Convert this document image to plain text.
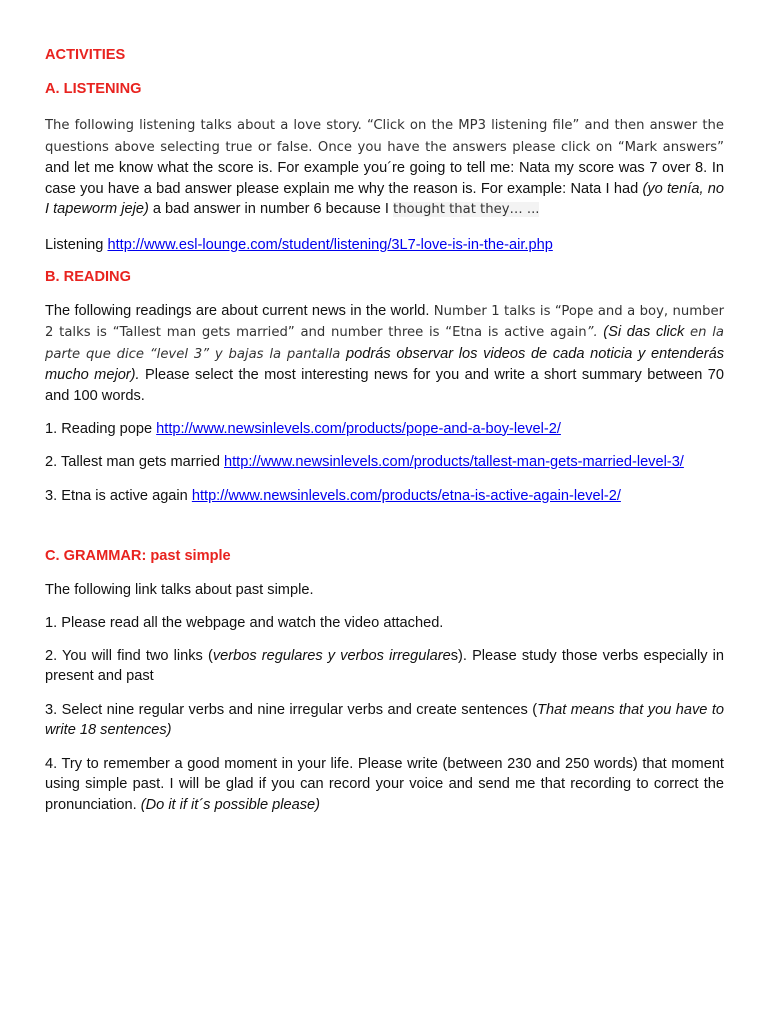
ACTIVITIES
A. LISTENING

The following listening talks about a love story. “Click on the MP3 listening file” and then answer the questions above selecting true or false. Once you have the answers please click on “Mark answers” and let me know what the score is. For example you´re going to tell me: Nata my score was 7 over 8. In case you have a bad answer please explain me why the reason is. For example: Nata I had (yo tenía, no I tapeworm jeje) a bad answer in number 6 because I thought that they… ...

Listening http://www.esl-lounge.com/student/listening/3L7-love-is-in-the-air.php

B. READING

The following readings are about current news in the world. Number 1 talks is “Pope and a boy, number 2 talks is “Tallest man gets married” and number three is “Etna is active again”. (Si das click en la parte que dice “level 3” y bajas la pantalla podrás observar los videos de cada noticia y entenderás mucho mejor). Please select the most interesting news for you and write a short summary between 70 and 100 words.

1. Reading pope http://www.newsinlevels.com/products/pope-and-a-boy-level-2/

2. Tallest man gets married http://www.newsinlevels.com/products/tallest-man-gets-married-level-3/

3. Etna is active again http://www.newsinlevels.com/products/etna-is-active-again-level-2/

C. GRAMMAR: past simple

The following link talks about past simple.

1. Please read all the webpage and watch the video attached.

2. You will find two links (verbos regulares y verbos irregulares). Please study those verbs especially in present and past

3. Select nine regular verbs and nine irregular verbs and create sentences (That means that you have to write 18 sentences)

4. Try to remember a good moment in your life. Please write (between 230 and 250 words) that moment using simple past. I will be glad if you can record your voice and send me that recording to correct the pronunciation. (Do it if it´s possible please)
